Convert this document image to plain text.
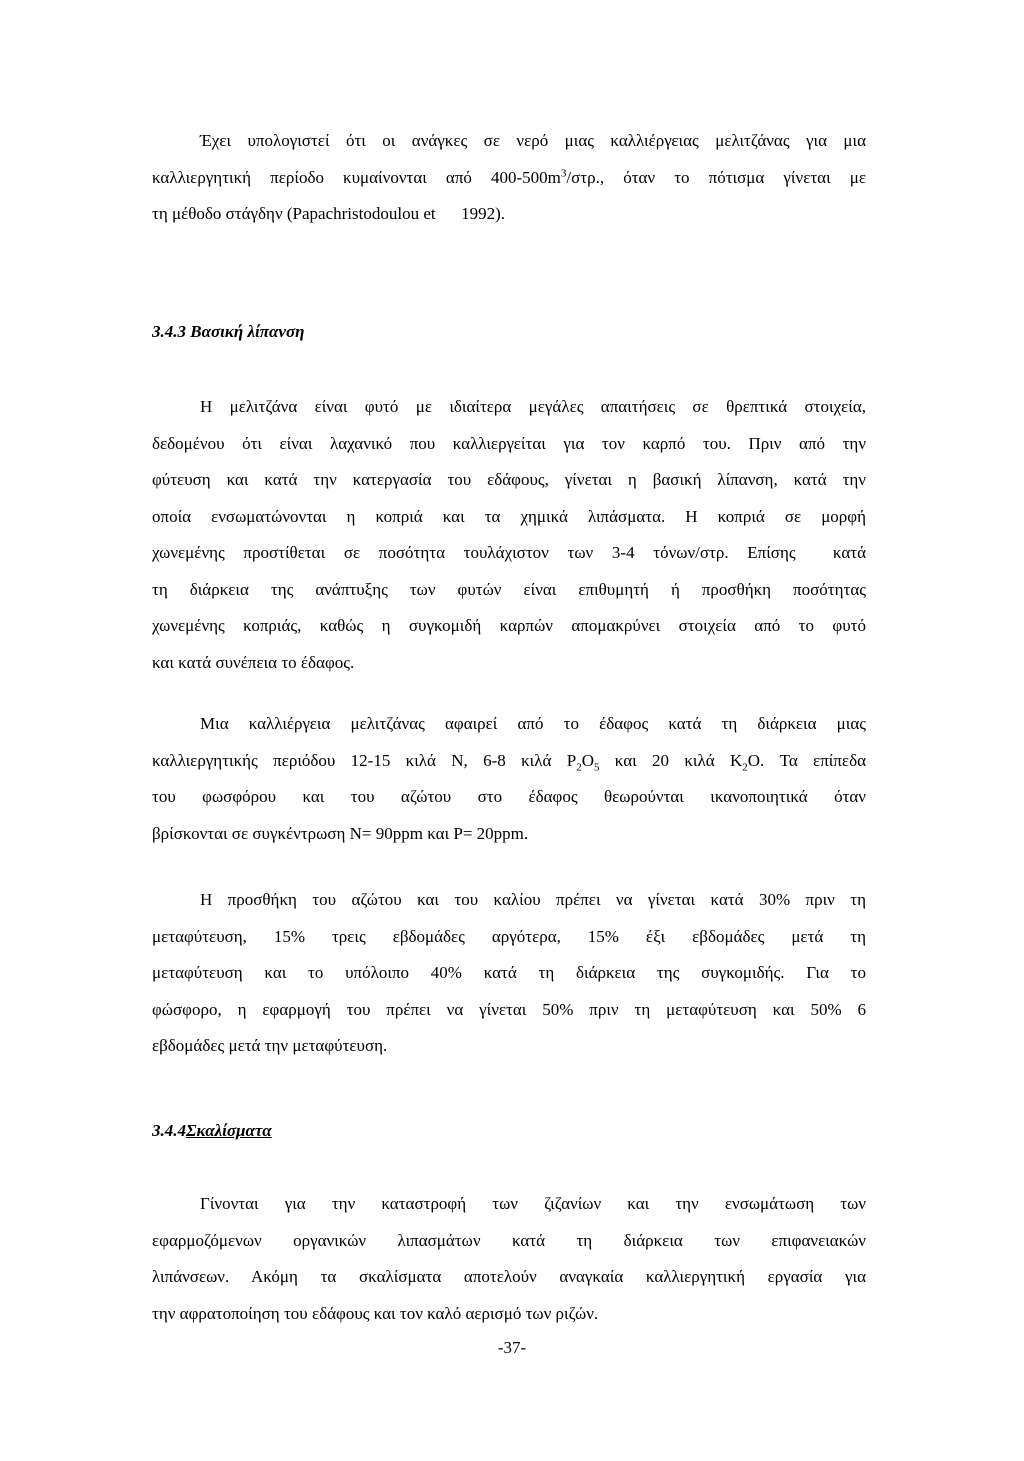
Έχει υπολογιστεί ότι οι ανάγκες σε νερό μιας καλλιέργειας μελιτζάνας για μια
καλλιεργητική περίοδο κυμαίνονται από $400-500m^3$/στρ., όταν το πότισμα γίνεται με
τη μέθοδο στάγδην (Papachristodoulou et      1992).
3.4.3 Βασική λίπανση
Η μελιτζάνα είναι φυτό με ιδιαίτερα μεγάλες απαιτήσεις σε θρεπτικά στοιχεία,
δεδομένου ότι είναι λαχανικό που καλλιεργείται για τον καρπό του. Πριν από την
φύτευση και κατά την κατεργασία του εδάφους, γίνεται η βασική λίπανση, κατά την
οποία ενσωματώνονται η κοπριά και τα χημικά λιπάσματα. Η κοπριά σε μορφή
χωνεμένης προστίθεται σε ποσότητα τουλάχιστον των 3-4 τόνων/στρ. Επίσης  κατά
τη διάρκεια της ανάπτυξης των φυτών είναι επιθυμητή ή προσθήκη ποσότητας
χωνεμένης κοπριάς, καθώς η συγκομιδή καρπών απομακρύνει στοιχεία από το φυτό
και κατά συνέπεια το έδαφος.
Μια καλλιέργεια μελιτζάνας αφαιρεί από το έδαφος κατά τη διάρκεια μιας
καλλιεργητικής περιόδου 12-15 κιλά Ν, 6-8 κιλά $P_2O_5$ και 20 κιλά $K_2O$. Τα επίπεδα
του φωσφόρου και του αζώτου στο έδαφος θεωρούνται ικανοποιητικά όταν
βρίσκονται σε συγκέντρωση N= 90ppm και P= 20ppm.
Η προσθήκη του αζώτου και του καλίου πρέπει να γίνεται κατά 30% πριν τη
μεταφύτευση, 15% τρεις εβδομάδες αργότερα, 15% έξι εβδομάδες μετά τη
μεταφύτευση και το υπόλοιπο 40% κατά τη διάρκεια της συγκομιδής. Για το
φώσφορο, η εφαρμογή του πρέπει να γίνεται 50% πριν τη μεταφύτευση και 50% 6
εβδομάδες μετά την μεταφύτευση.
3.4.4Σκαλίσματα
Γίνονται για την καταστροφή των ζιζανίων και την ενσωμάτωση των
εφαρμοζόμενων οργανικών λιπασμάτων κατά τη διάρκεια των επιφανειακών
λιπάνσεων. Ακόμη τα σκαλίσματα αποτελούν αναγκαία καλλιεργητική εργασία για
την αφρατοποίηση του εδάφους και τον καλό αερισμό των ριζών.
-37-
